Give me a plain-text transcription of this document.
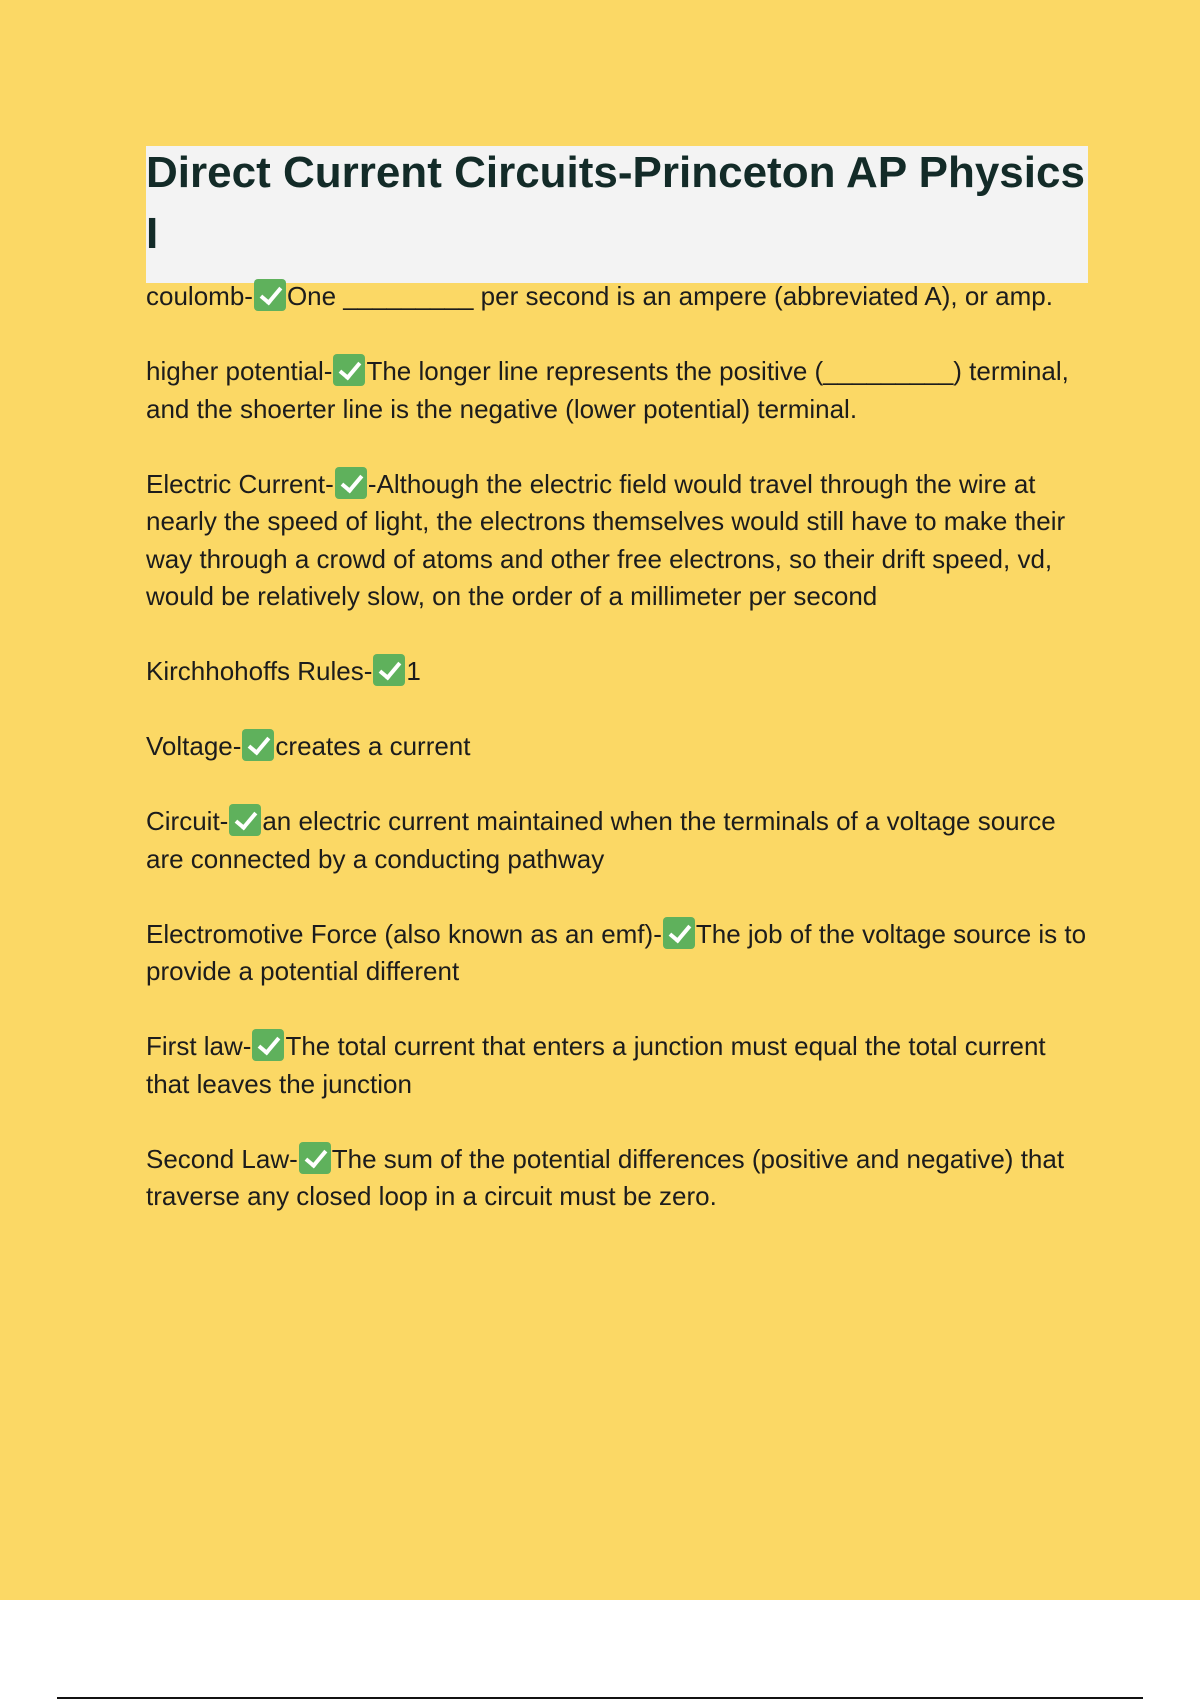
Direct Current Circuits-Princeton AP Physics I
coulomb- One _________ per second is an ampere (abbreviated A), or amp.
higher potential- The longer line represents the positive (_________) terminal, and the shoerter line is the negative (lower potential) terminal.
Electric Current- -Although the electric field would travel through the wire at nearly the speed of light, the electrons themselves would still have to make their way through a crowd of atoms and other free electrons, so their drift speed, vd, would be relatively slow, on the order of a millimeter per second
Kirchhohoffs Rules- 1
Voltage- creates a current
Circuit- an electric current maintained when the terminals of a voltage source are connected by a conducting pathway
Electromotive Force (also known as an emf)- The job of the voltage source is to provide a potential different
First law- The total current that enters a junction must equal the total current that leaves the junction
Second Law- The sum of the potential differences (positive and negative) that traverse any closed loop in a circuit must be zero.
